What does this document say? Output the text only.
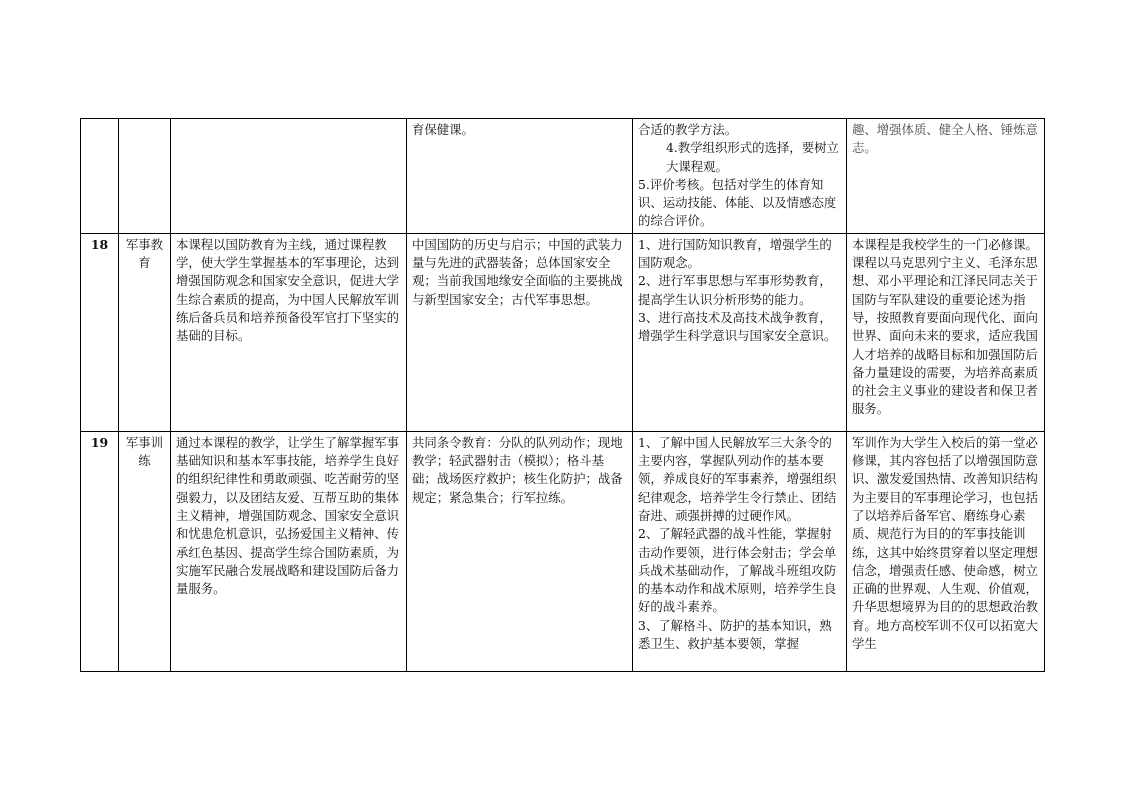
			育保健课。	合适的教学方法。
4.教学组织形式的选择，要树立大课程观。
5.评价考核。包括对学生的体育知识、运动技能、体能、以及情感态度的综合评价。	趣、增强体质、健全人格、锤炼意志。
18	军事教育	本课程以国防教育为主线，通过课程教学，使大学生掌握基本的军事理论，达到增强国防观念和国家安全意识，促进大学生综合素质的提高，为中国人民解放军训练后备兵员和培养预备役军官打下坚实的基础的目标。	中国国防的历史与启示；中国的武装力量与先进的武器装备；总体国家安全观；当前我国地缘安全面临的主要挑战与新型国家安全；古代军事思想。	1、进行国防知识教育，增强学生的国防观念。
2、进行军事思想与军事形势教育，提高学生认识分析形势的能力。
3、进行高技术及高技术战争教育，增强学生科学意识与国家安全意识。	本课程是我校学生的一门必修课。课程以马克思列宁主义、毛泽东思想、邓小平理论和江泽民同志关于国防与军队建设的重要论述为指导，按照教育要面向现代化、面向世界、面向未来的要求，适应我国人才培养的战略目标和加强国防后备力量建设的需要，为培养高素质的社会主义事业的建设者和保卫者服务。
19	军事训练	通过本课程的教学，让学生了解掌握军事基础知识和基本军事技能，培养学生良好的组织纪律性和勇敢顽强、吃苦耐劳的坚强毅力，以及团结友爱、互帮互助的集体主义精神，增强国防观念、国家安全意识和忧患危机意识，弘扬爱国主义精神、传承红色基因、提高学生综合国防素质，为实施军民融合发展战略和建设国防后备力量服务。	共同条令教育：分队的队列动作；现地教学；轻武器射击（模拟）；格斗基础；战场医疗救护；核生化防护；战备规定；紧急集合；行军拉练。	1、了解中国人民解放军三大条令的主要内容，掌握队列动作的基本要领，养成良好的军事素养，增强组织纪律观念，培养学生令行禁止、团结奋进、顽强拼搏的过硬作风。
2、了解轻武器的战斗性能，掌握射击动作要领，进行体会射击；学会单兵战术基础动作，了解战斗班组攻防的基本动作和战术原则，培养学生良好的战斗素养。
3、了解格斗、防护的基本知识，熟悉卫生、救护基本要领，掌握	军训作为大学生入校后的第一堂必修课，其内容包括了以增强国防意识、激发爱国热情、改善知识结构为主要目的军事理论学习，也包括了以培养后备军官、磨练身心素质、规范行为目的的军事技能训练，这其中始终贯穿着以坚定理想信念，增强责任感、使命感，树立正确的世界观、人生观、价值观，升华思想境界为目的的思想政治教育。地方高校军训不仅可以拓宽大学生
